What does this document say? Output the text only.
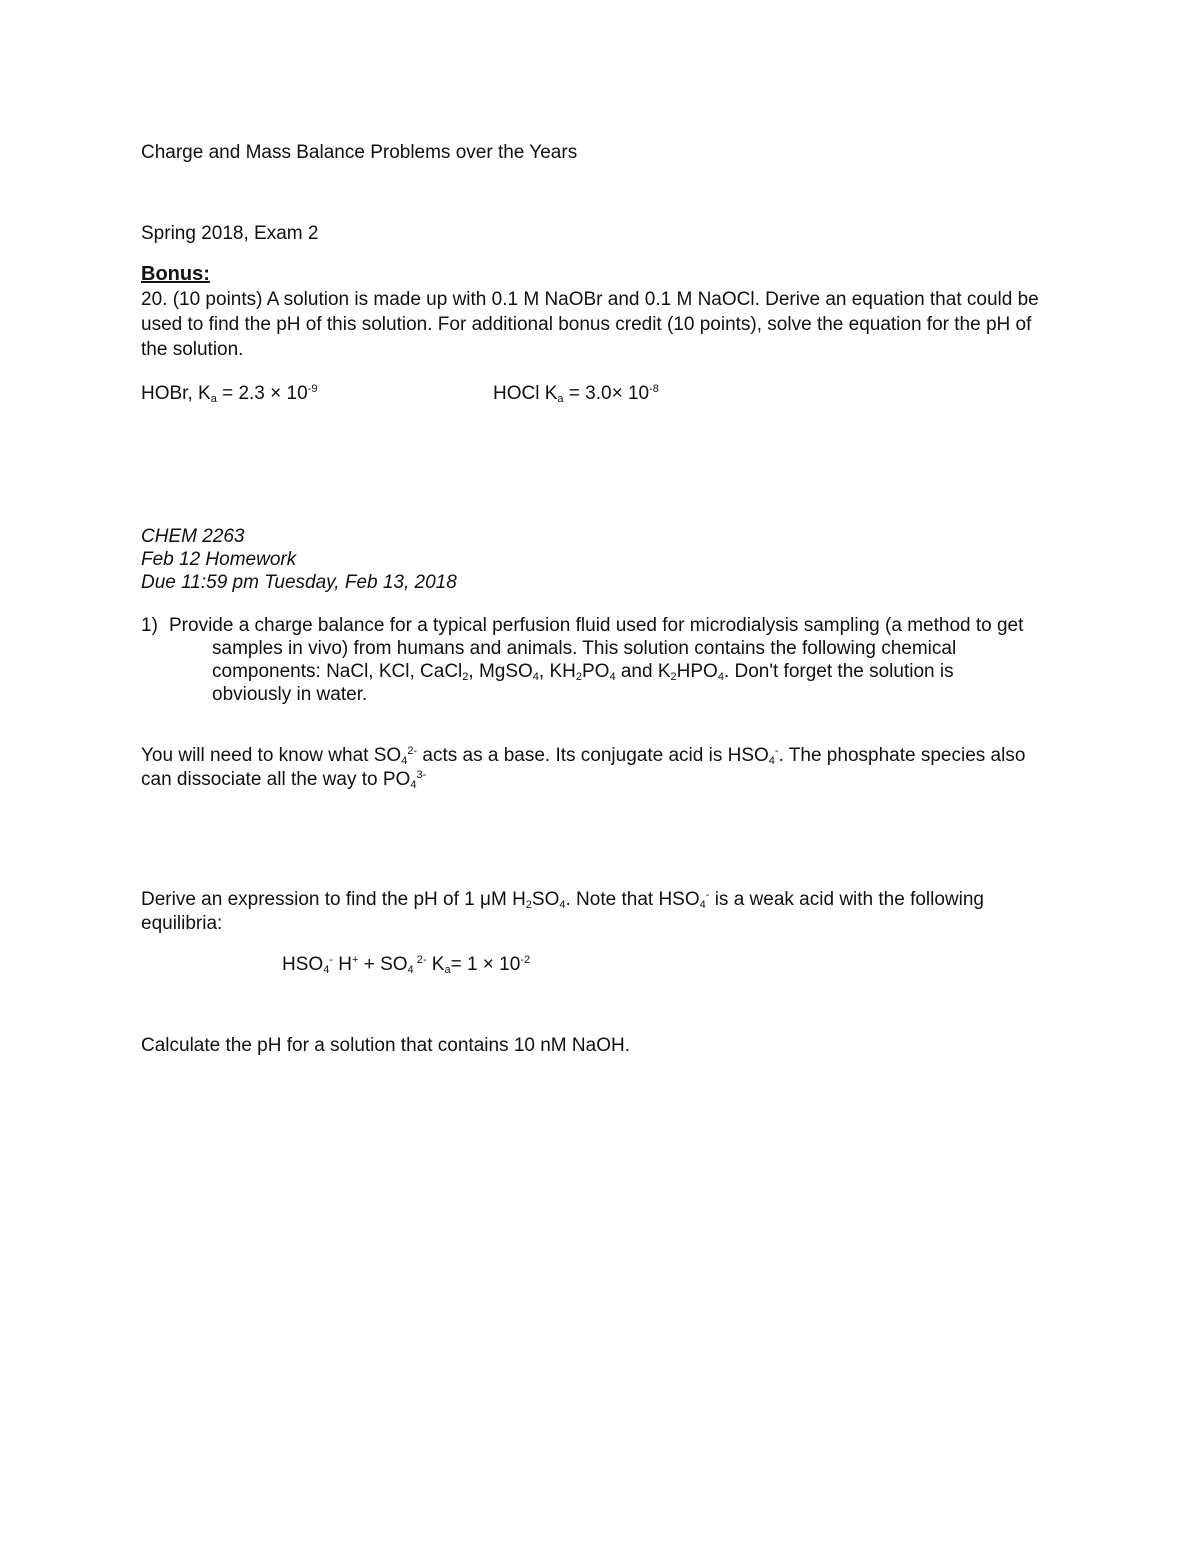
Charge and Mass Balance Problems over the Years
Spring 2018, Exam 2
Bonus:
20. (10 points) A solution is made up with 0.1 M NaOBr and 0.1 M NaOCl. Derive an equation that could be used to find the pH of this solution. For additional bonus credit (10 points), solve the equation for the pH of the solution.
HOBr, $K_a = 2.3 \times 10^{-9}$	HOCl $K_a = 3.0\times 10^{-8}$
CHEM 2263
Feb 12 Homework
Due 11:59 pm Tuesday, Feb 13, 2018
1) Provide a charge balance for a typical perfusion fluid used for microdialysis sampling (a method to get
samples in vivo) from humans and animals. This solution contains the following chemical
components: NaCl, KCl, CaCl$_2$, MgSO$_4$, $KH_2PO_4$ and $K_2HPO_4$. Don't forget the solution is
obviously in water.
You will need to know what $SO_4^{2-}$ acts as a base. Its conjugate acid is $HSO_4^-$. The phosphate species also can dissociate all the way to $PO_4^{3-}$
Derive an expression to find the pH of 1 μM $H_2SO_4$. Note that $HSO_4^-$ is a weak acid with the following equilibria:
$HSO_4^-$ $H^+ + SO_4$ $^{2-}$ $K_a= 1 \times 10^{-2}$
Calculate the pH for a solution that contains 10 nM NaOH.
